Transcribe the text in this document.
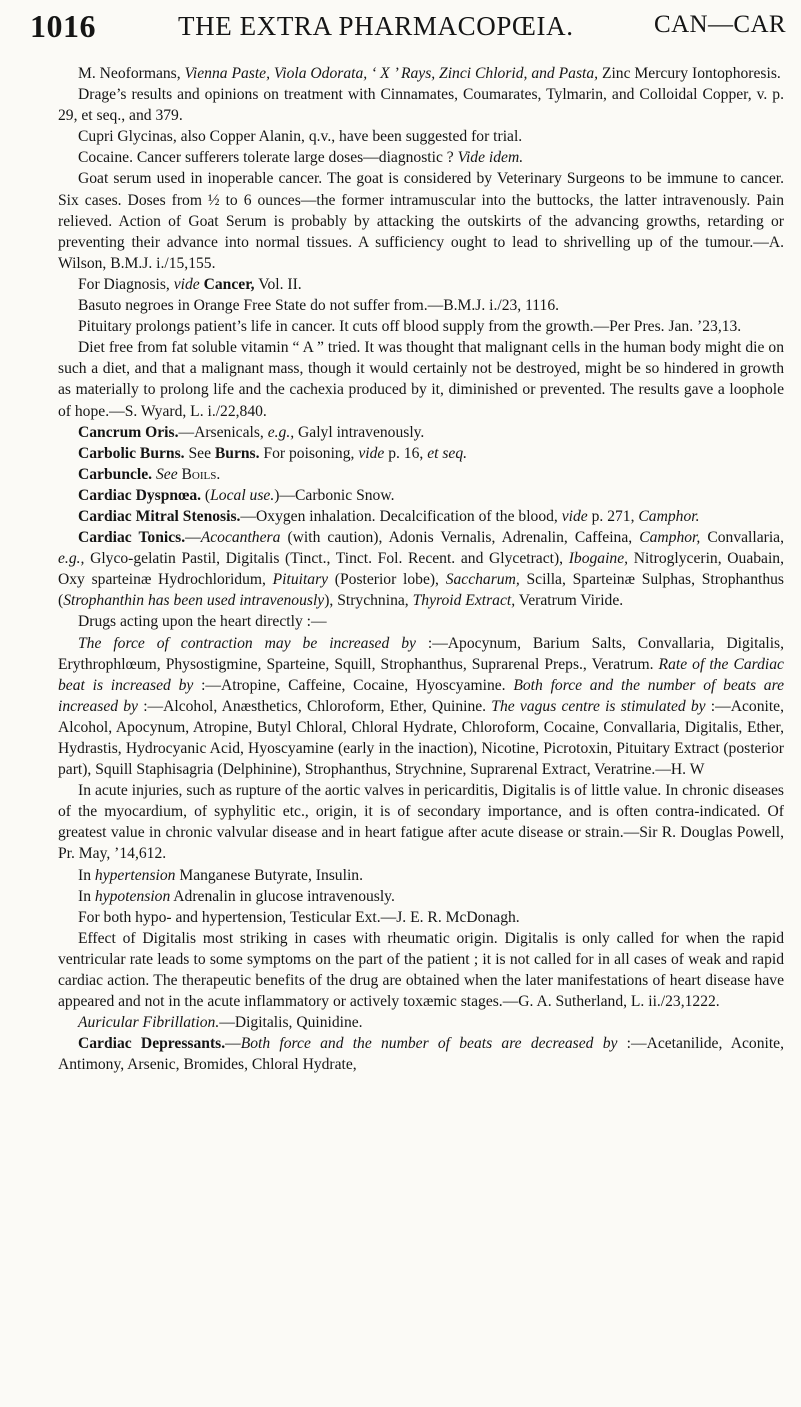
1016	THE EXTRA PHARMACOPŒIA.	CAN—CAR

M. Neoformans, Vienna Paste, Viola Odorata, ‘ X ’ Rays, Zinci Chlorid, and Pasta, Zinc Mercury Iontophoresis.

Drage’s results and opinions on treatment with Cinnamates, Coumarates, Tylmarin, and Colloidal Copper, v. p. 29, et seq., and 379.

Cupri Glycinas, also Copper Alanin, q.v., have been suggested for trial.

Cocaine. Cancer sufferers tolerate large doses—diagnostic ? Vide idem.

Goat serum used in inoperable cancer. The goat is considered by Veterinary Surgeons to be immune to cancer. Six cases. Doses from ½ to 6 ounces—the former intramuscular into the buttocks, the latter intravenously. Pain relieved. Action of Goat Serum is probably by attacking the outskirts of the advancing growths, retarding or preventing their advance into normal tissues. A sufficiency ought to lead to shrivelling up of the tumour.—A. Wilson, B.M.J. i./15,155.

For Diagnosis, vide Cancer, Vol. II.

Basuto negroes in Orange Free State do not suffer from.—B.M.J. i./23, 1116.

Pituitary prolongs patient’s life in cancer. It cuts off blood supply from the growth.—Per Pres. Jan. ’23,13.

Diet free from fat soluble vitamin “ A ” tried. It was thought that malignant cells in the human body might die on such a diet, and that a malignant mass, though it would certainly not be destroyed, might be so hindered in growth as materially to prolong life and the cachexia produced by it, diminished or prevented. The results gave a loophole of hope.—S. Wyard, L. i./22,840.

Cancrum Oris.—Arsenicals, e.g., Galyl intravenously.

Carbolic Burns. See Burns. For poisoning, vide p. 16, et seq.

Carbuncle. See Boils.

Cardiac Dyspnœa. (Local use.)—Carbonic Snow.

Cardiac Mitral Stenosis.—Oxygen inhalation. Decalcification of the blood, vide p. 271, Camphor.

Cardiac Tonics.—Acocanthera (with caution), Adonis Vernalis, Adrenalin, Caffeina, Camphor, Convallaria, e.g., Glyco-gelatin Pastil, Digitalis (Tinct., Tinct. Fol. Recent. and Glycetract), Ibogaine, Nitroglycerin, Ouabain, Oxy sparteinæ Hydrochloridum, Pituitary (Posterior lobe), Saccharum, Scilla, Sparteinæ Sulphas, Strophanthus (Strophanthin has been used intravenously), Strychnina, Thyroid Extract, Veratrum Viride.

Drugs acting upon the heart directly :—

The force of contraction may be increased by :—Apocynum, Barium Salts, Convallaria, Digitalis, Erythrophlœum, Physostigmine, Sparteine, Squill, Strophanthus, Suprarenal Preps., Veratrum. Rate of the Cardiac beat is increased by :—Atropine, Caffeine, Cocaine, Hyoscyamine. Both force and the number of beats are increased by :—Alcohol, Anæsthetics, Chloroform, Ether, Quinine. The vagus centre is stimulated by :—Aconite, Alcohol, Apocynum, Atropine, Butyl Chloral, Chloral Hydrate, Chloroform, Cocaine, Convallaria, Digitalis, Ether, Hydrastis, Hydrocyanic Acid, Hyoscyamine (early in the inaction), Nicotine, Picrotoxin, Pituitary Extract (posterior part), Squill Staphisagria (Delphinine), Strophanthus, Strychnine, Suprarenal Extract, Veratrine.—H. W

In acute injuries, such as rupture of the aortic valves in pericarditis, Digitalis is of little value. In chronic diseases of the myocardium, of syphylitic etc., origin, it is of secondary importance, and is often contra-indicated. Of greatest value in chronic valvular disease and in heart fatigue after acute disease or strain.—Sir R. Douglas Powell, Pr. May, ’14,612.

In hypertension Manganese Butyrate, Insulin.

In hypotension Adrenalin in glucose intravenously.

For both hypo- and hypertension, Testicular Ext.—J. E. R. McDonagh.

Effect of Digitalis most striking in cases with rheumatic origin. Digitalis is only called for when the rapid ventricular rate leads to some symptoms on the part of the patient ; it is not called for in all cases of weak and rapid cardiac action. The therapeutic benefits of the drug are obtained when the later manifestations of heart disease have appeared and not in the acute inflammatory or actively toxæmic stages.—G. A. Sutherland, L. ii./23,1222.

Auricular Fibrillation.—Digitalis, Quinidine.

Cardiac Depressants.—Both force and the number of beats are decreased by :—Acetanilide, Aconite, Antimony, Arsenic, Bromides, Chloral Hydrate,
